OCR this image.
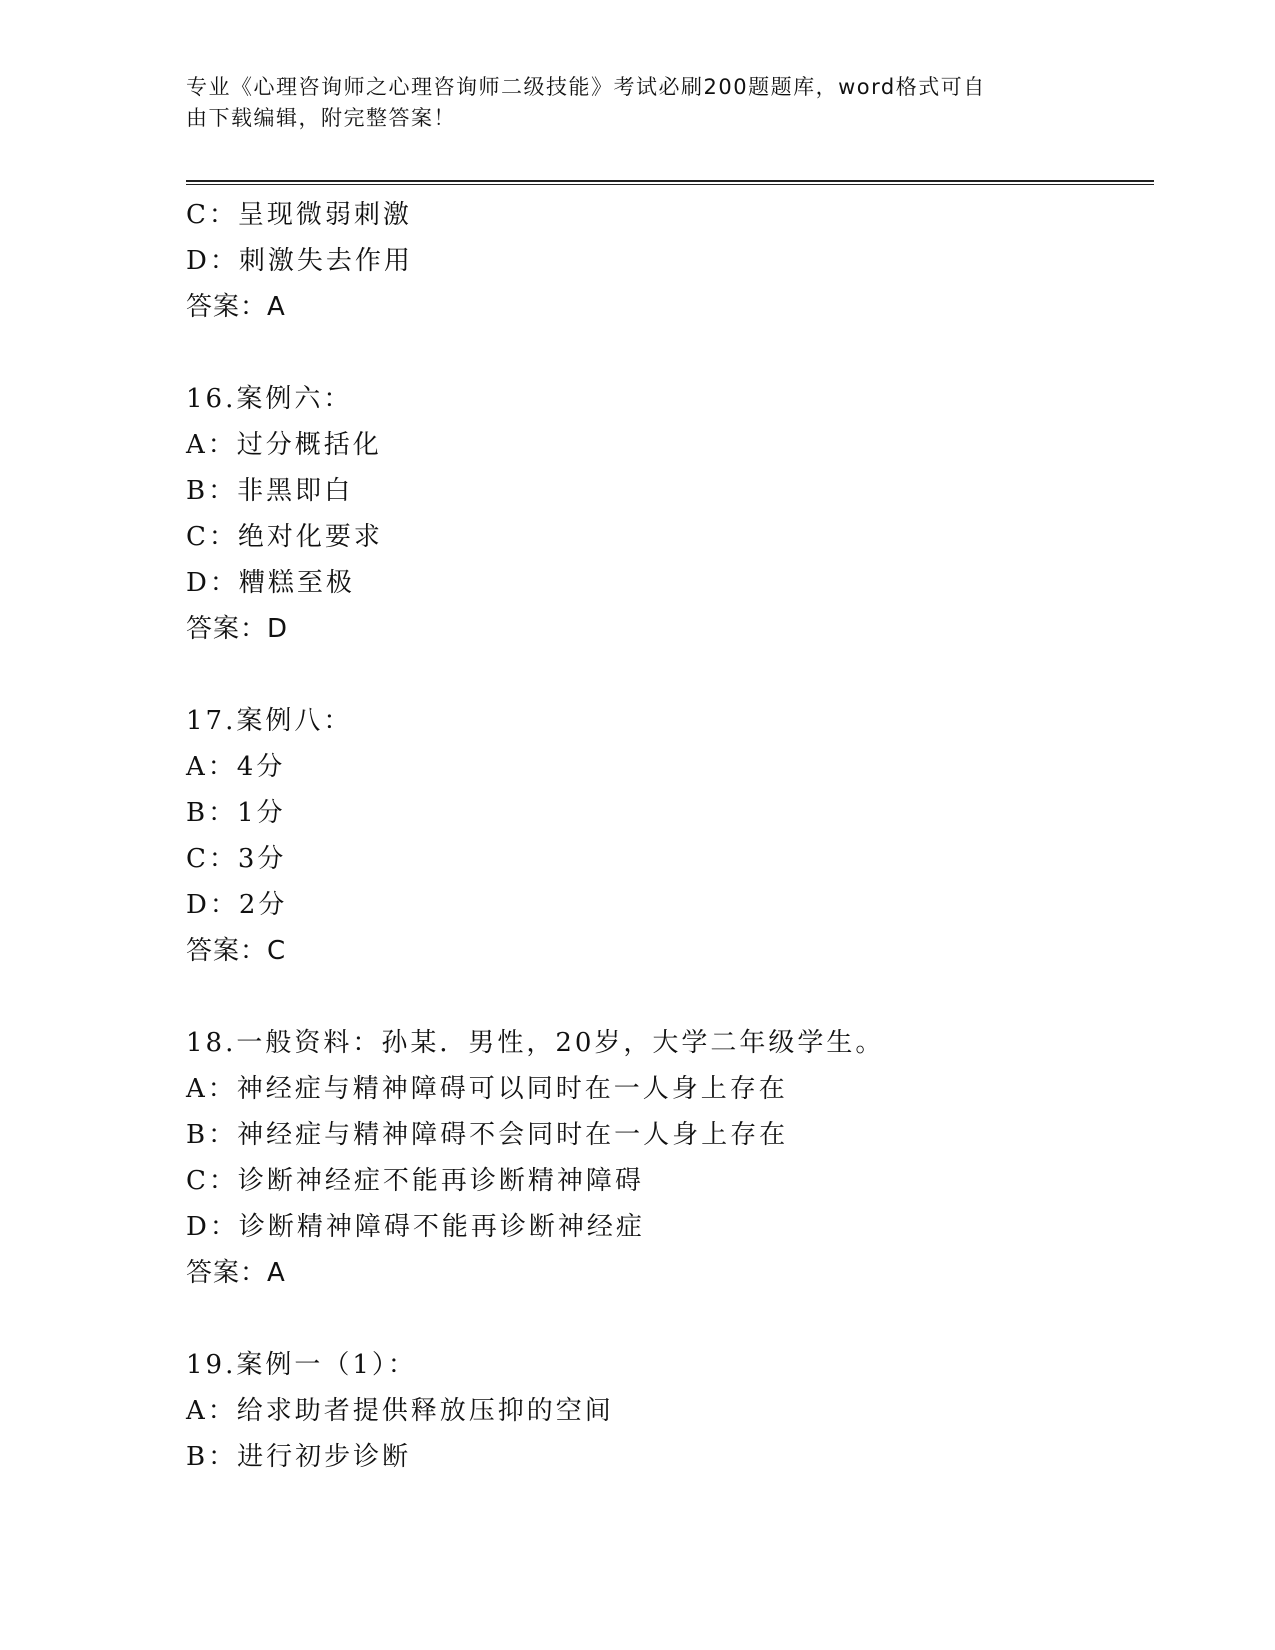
专业《心理咨询师之心理咨询师二级技能》考试必刷200题题库，word格式可自
由下载编辑，附完整答案！
C：呈现微弱刺激
D：刺激失去作用
答案：A
16.案例六：
A：过分概括化
B：非黑即白
C：绝对化要求
D：糟糕至极
答案：D
17.案例八：
A：4分
B：1分
C：3分
D：2分
答案：C
18.一般资料：孙某．男性，20岁，大学二年级学生。
A：神经症与精神障碍可以同时在一人身上存在
B：神经症与精神障碍不会同时在一人身上存在
C：诊断神经症不能再诊断精神障碍
D：诊断精神障碍不能再诊断神经症
答案：A
19.案例一（1）：
A：给求助者提供释放压抑的空间
B：进行初步诊断
